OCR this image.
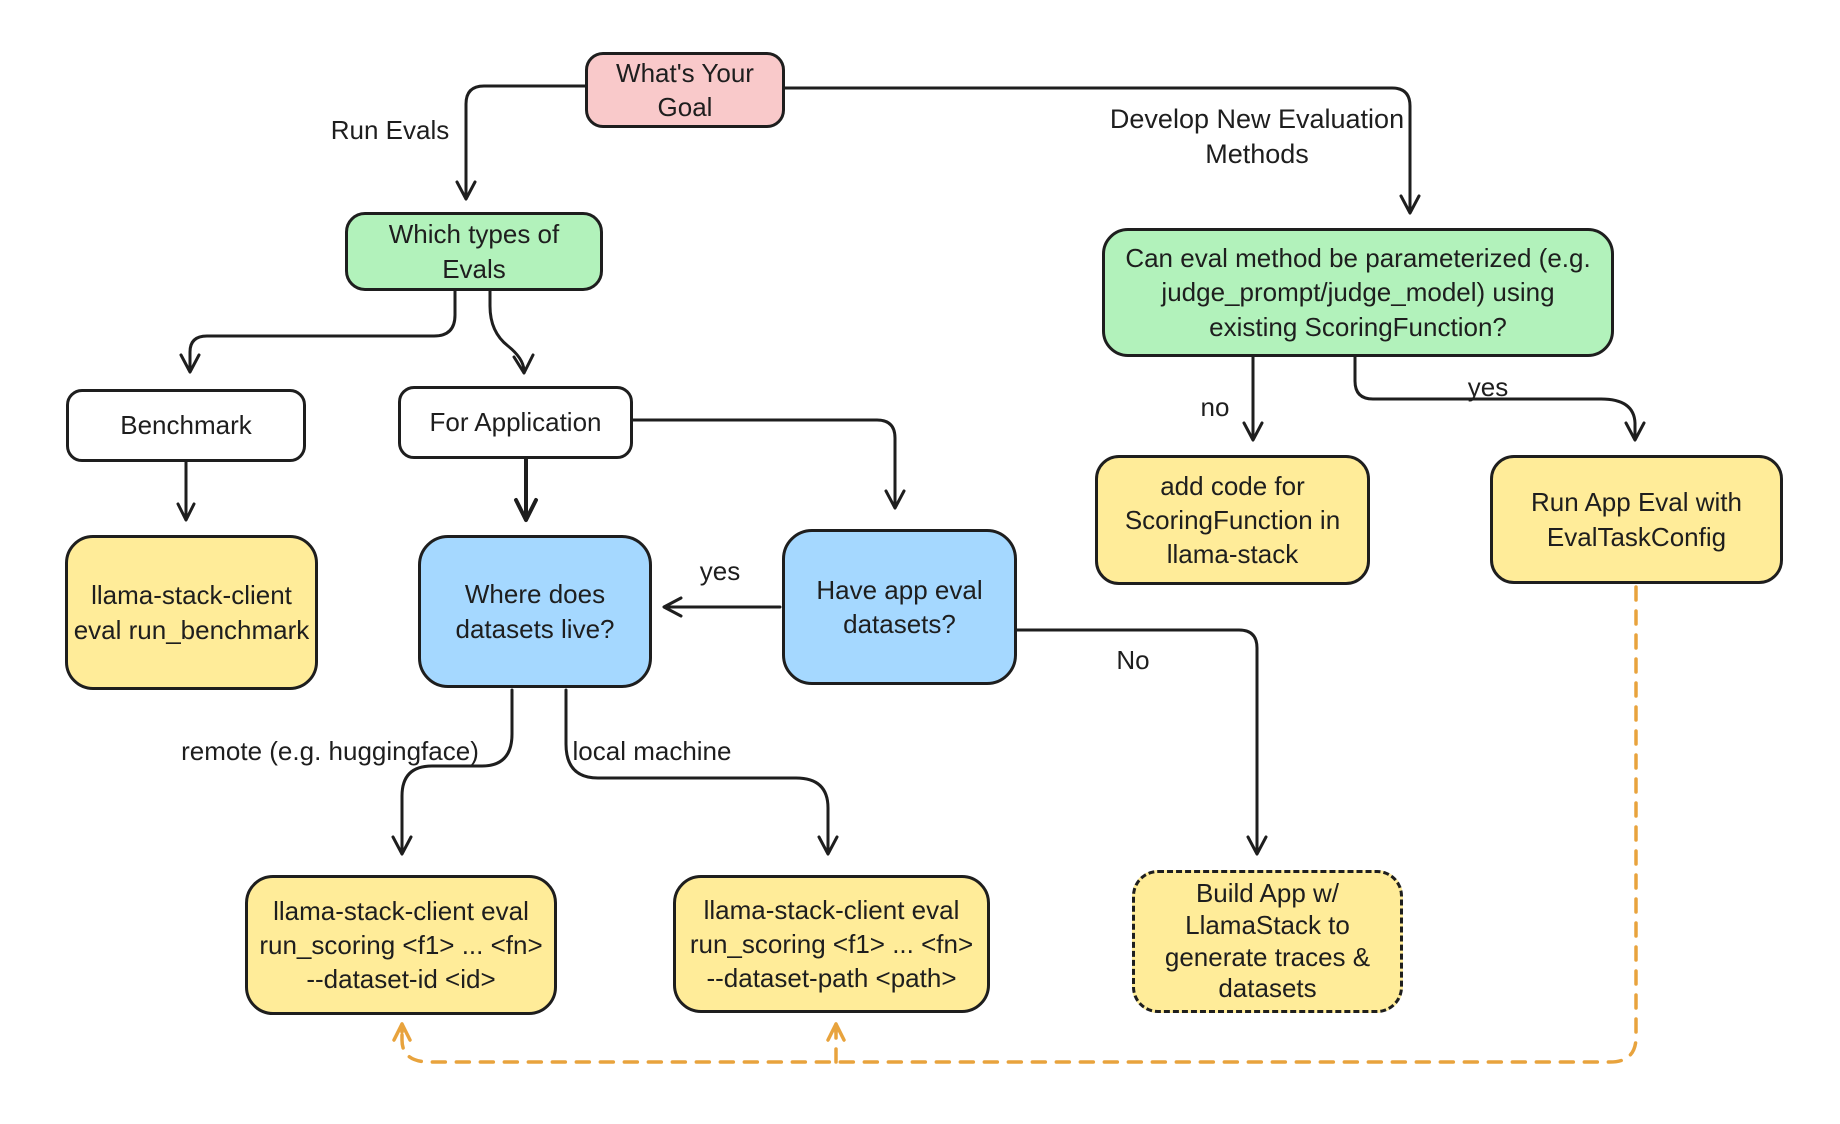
What's Your
Goal
Which types of
Evals	Can eval method be parameterized (e.g.
judge_prompt/judge_model) using
existing ScoringFunction?
Benchmark	For Application
llama-stack-client
eval run_benchmark
Where does
datasets live?
Have app eval
datasets?
add code for
ScoringFunction in
llama-stack
Run App Eval with
EvalTaskConfig
llama-stack-client eval
run_scoring <f1> ... <fn>
--dataset-id <id>
llama-stack-client eval
run_scoring <f1> ... <fn>
--dataset-path <path>
Build App w/
LlamaStack to
generate traces &
datasets
Run Evals	Develop New Evaluation
Methods
yes
No
remote (e.g. huggingface)	local machine
no
yes
